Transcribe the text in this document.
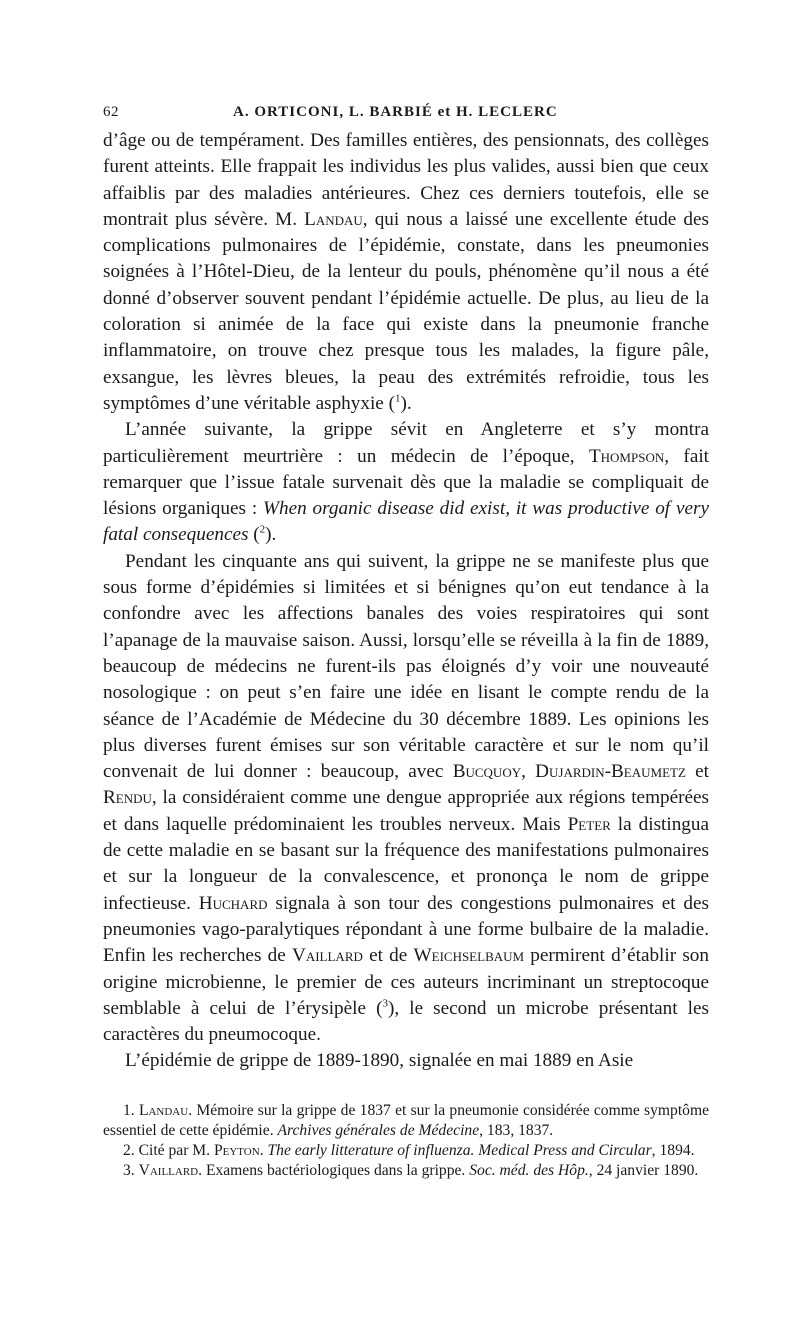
62	A. ORTICONI, L. BARBIÉ et H. LECLERC

d’âge ou de tempérament. Des familles entières, des pensionnats, des collèges furent atteints. Elle frappait les individus les plus valides, aussi bien que ceux affaiblis par des maladies antérieures. Chez ces derniers toutefois, elle se montrait plus sévère. M. Landau, qui nous a laissé une excellente étude des complications pulmonaires de l’épidémie, constate, dans les pneumonies soignées à l’Hôtel-Dieu, de la lenteur du pouls, phénomène qu’il nous a été donné d’observer souvent pendant l’épidémie actuelle. De plus, au lieu de la coloration si animée de la face qui existe dans la pneumonie franche inflammatoire, on trouve chez presque tous les malades, la figure pâle, exsangue, les lèvres bleues, la peau des extrémités refroidie, tous les symptômes d’une véritable asphyxie ($^1$).

L’année suivante, la grippe sévit en Angleterre et s’y montra particulièrement meurtrière : un médecin de l’époque, Thompson, fait remarquer que l’issue fatale survenait dès que la maladie se compliquait de lésions organiques : When organic disease did exist, it was productive of very fatal consequences ($^2$).

Pendant les cinquante ans qui suivent, la grippe ne se manifeste plus que sous forme d’épidémies si limitées et si bénignes qu’on eut tendance à la confondre avec les affections banales des voies respiratoires qui sont l’apanage de la mauvaise saison. Aussi, lorsqu’elle se réveilla à la fin de 1889, beaucoup de médecins ne furent-ils pas éloignés d’y voir une nouveauté nosologique : on peut s’en faire une idée en lisant le compte rendu de la séance de l’Académie de Médecine du 30 décembre 1889. Les opinions les plus diverses furent émises sur son véritable caractère et sur le nom qu’il convenait de lui donner : beaucoup, avec Bucquoy, Dujardin-Beaumetz et Rendu, la considéraient comme une dengue appropriée aux régions tempérées et dans laquelle prédominaient les troubles nerveux. Mais Peter la distingua de cette maladie en se basant sur la fréquence des manifestations pulmonaires et sur la longueur de la convalescence, et prononça le nom de grippe infectieuse. Huchard signala à son tour des congestions pulmonaires et des pneumonies vago-paralytiques répondant à une forme bulbaire de la maladie. Enfin les recherches de Vaillard et de Weichselbaum permirent d’établir son origine microbienne, le premier de ces auteurs incriminant un streptocoque semblable à celui de l’érysipèle ($^3$), le second un microbe présentant les caractères du pneumocoque.

L’épidémie de grippe de 1889-1890, signalée en mai 1889 en Asie

1. Landau. Mémoire sur la grippe de 1837 et sur la pneumonie considérée comme symptôme essentiel de cette épidémie. Archives générales de Médecine, 183, 1837.

2. Cité par M. Peyton. The early litterature of influenza. Medical Press and Circular, 1894.

3. Vaillard. Examens bactériologiques dans la grippe. Soc. méd. des Hôp., 24 janvier 1890.
